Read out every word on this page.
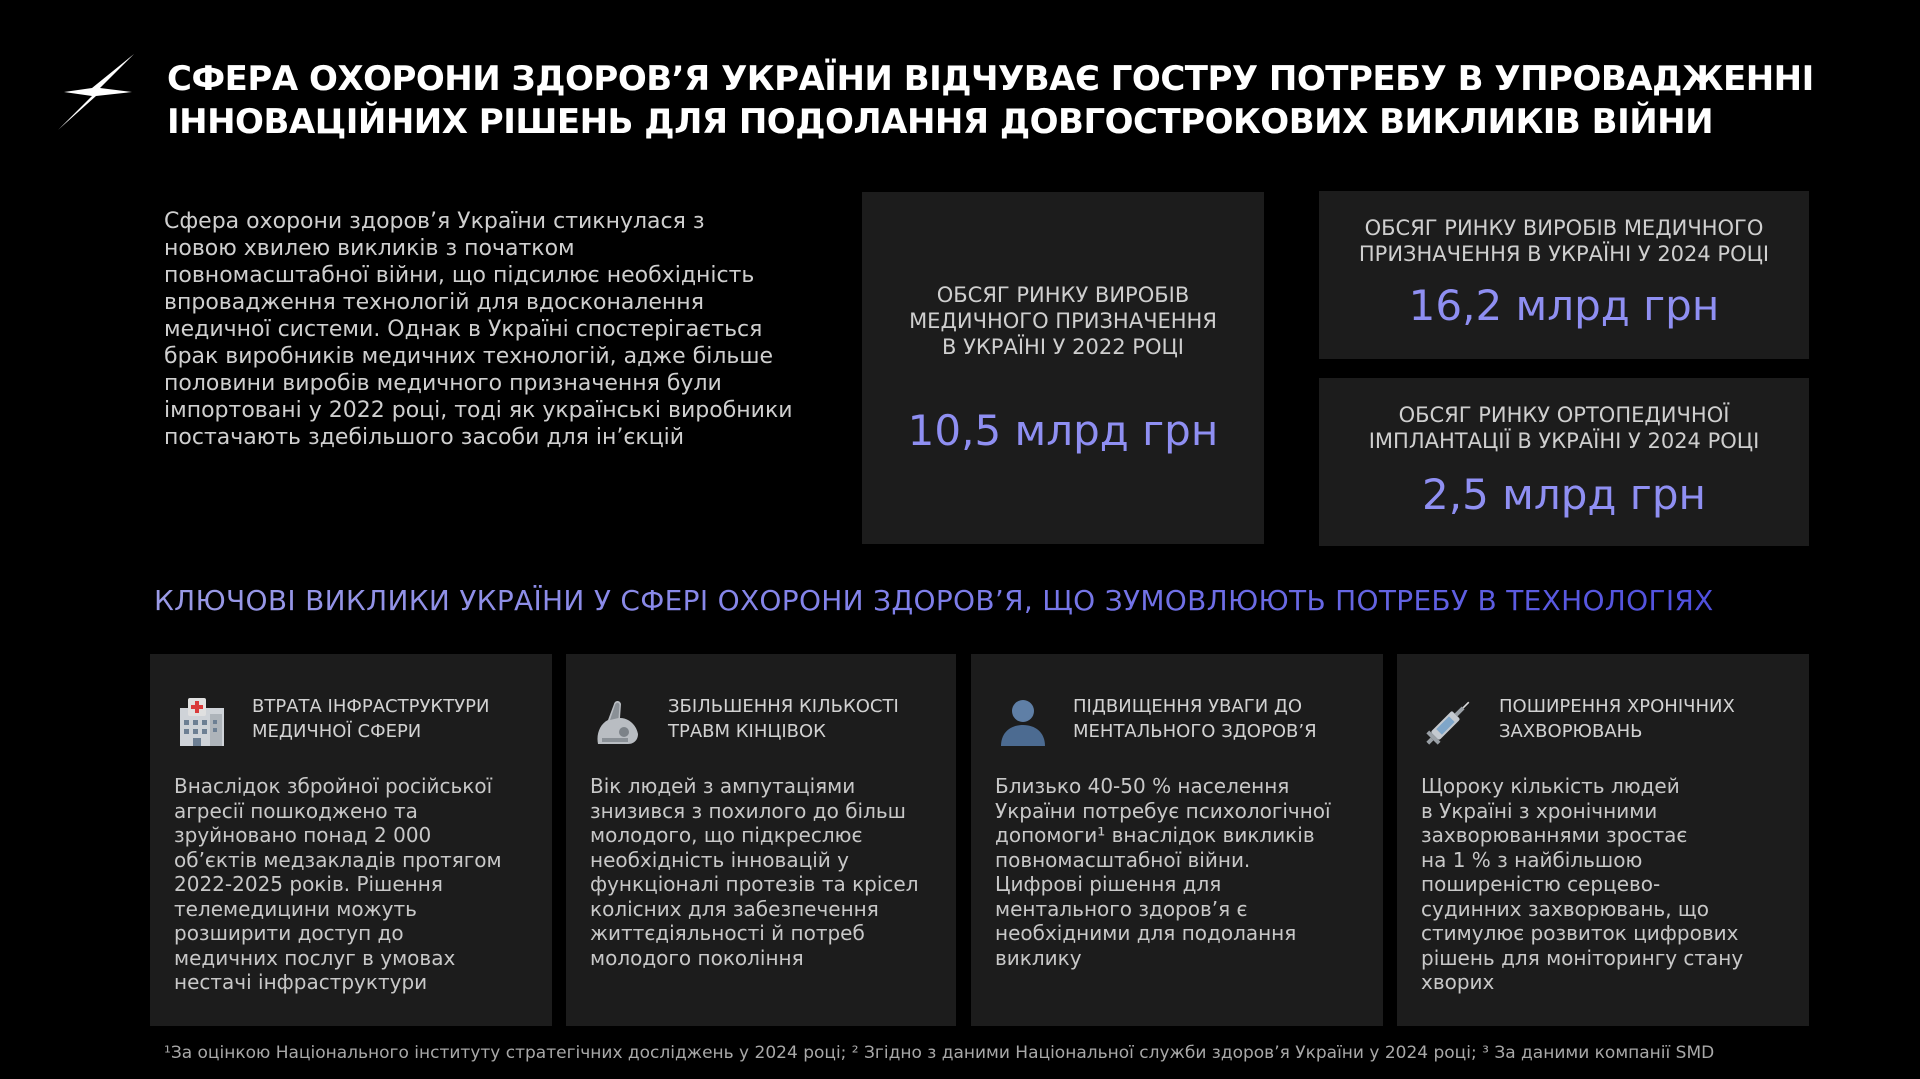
СФЕРА ОХОРОНИ ЗДОРОВ’Я УКРАЇНИ ВІДЧУВАЄ ГОСТРУ ПОТРЕБУ В УПРОВАДЖЕННІ
ІННОВАЦІЙНИХ РІШЕНЬ ДЛЯ ПОДОЛАННЯ ДОВГОСТРОКОВИХ ВИКЛИКІВ ВІЙНИ
Сфера охорони здоров’я України стикнулася з
новою хвилею викликів з початком
повномасштабної війни, що підсилює необхідність
впровадження технологій для вдосконалення
медичної системи. Однак в Україні спостерігається
брак виробників медичних технологій, адже більше
половини виробів медичного призначення були
імпортовані у 2022 році, тоді як українські виробники
постачають здебільшого засоби для ін’єкцій
ОБСЯГ РИНКУ ВИРОБІВ
МЕДИЧНОГО ПРИЗНАЧЕННЯ
В УКРАЇНІ У 2022 РОЦІ
10,5 млрд грн
ОБСЯГ РИНКУ ВИРОБІВ МЕДИЧНОГО
ПРИЗНАЧЕННЯ В УКРАЇНІ У 2024 РОЦІ
16,2 млрд грн
ОБСЯГ РИНКУ ОРТОПЕДИЧНОЇ
ІМПЛАНТАЦІЇ В УКРАЇНІ У 2024 РОЦІ
2,5 млрд грн
КЛЮЧОВІ ВИКЛИКИ УКРАЇНИ У СФЕРІ ОХОРОНИ ЗДОРОВ’Я, ЩО ЗУМОВЛЮЮТЬ ПОТРЕБУ В ТЕХНОЛОГІЯХ
ВТРАТА ІНФРАСТРУКТУРИ
МЕДИЧНОЇ СФЕРИ
Внаслідок збройної російської
агресії пошкоджено та
зруйновано понад 2 000
об’єктів медзакладів протягом
2022-2025 років. Рішення
телемедицини можуть
розширити доступ до
медичних послуг в умовах
нестачі інфраструктури
ЗБІЛЬШЕННЯ КІЛЬКОСТІ
ТРАВМ КІНЦІВОК
Вік людей з ампутаціями
знизився з похилого до більш
молодого, що підкреслює
необхідність інновацій у
функціоналі протезів та крісел
колісних для забезпечення
життєдіяльності й потреб
молодого покоління
ПІДВИЩЕННЯ УВАГИ ДО
МЕНТАЛЬНОГО ЗДОРОВ’Я
Близько 40-50 % населення
України потребує психологічної
допомоги¹ внаслідок викликів
повномасштабної війни.
Цифрові рішення для
ментального здоров’я є
необхідними для подолання
виклику
ПОШИРЕННЯ ХРОНІЧНИХ
ЗАХВОРЮВАНЬ
Щороку кількість людей
в Україні з хронічними
захворюваннями зростає
на 1 % з найбільшою
поширеністю серцево-
судинних захворювань, що
стимулює розвиток цифрових
рішень для моніторингу стану
хворих
¹За оцінкою Національного інституту стратегічних досліджень у 2024 році; ² Згідно з даними Національної служби здоров’я України у 2024 році; ³ За даними компанії SMD
